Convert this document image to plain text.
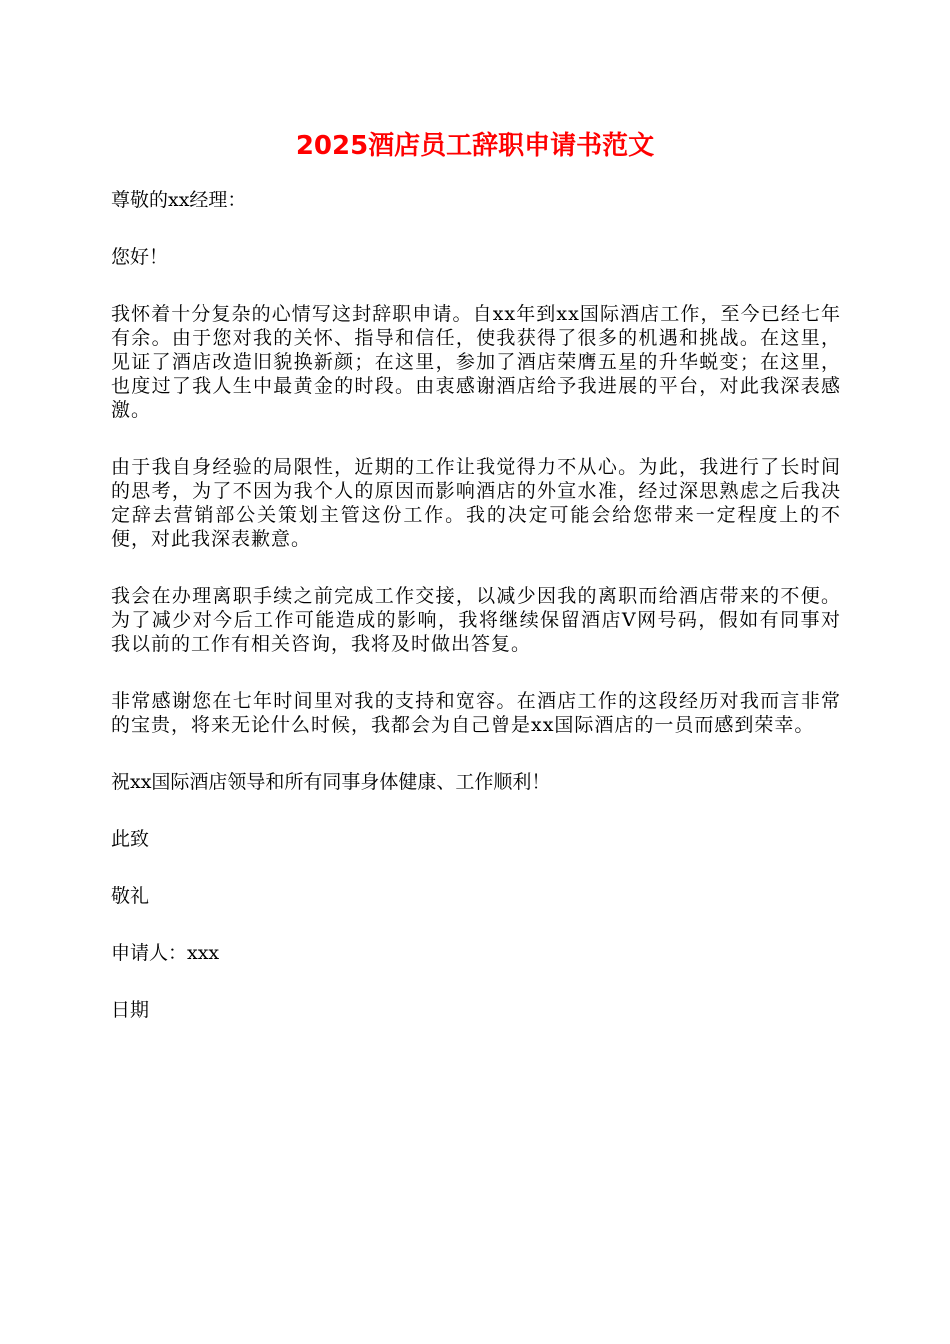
2025酒店员工辞职申请书范文

尊敬的xx经理：

您好！

我怀着十分复杂的心情写这封辞职申请。自xx年到xx国际酒店工作，至今已经七年有余。由于您对我的关怀、指导和信任，使我获得了很多的机遇和挑战。在这里，见证了酒店改造旧貌换新颜；在这里，参加了酒店荣膺五星的升华蜕变；在这里，也度过了我人生中最黄金的时段。由衷感谢酒店给予我进展的平台，对此我深表感激。

由于我自身经验的局限性，近期的工作让我觉得力不从心。为此，我进行了长时间的思考，为了不因为我个人的原因而影响酒店的外宣水准，经过深思熟虑之后我决定辞去营销部公关策划主管这份工作。我的决定可能会给您带来一定程度上的不便，对此我深表歉意。

我会在办理离职手续之前完成工作交接，以减少因我的离职而给酒店带来的不便。为了减少对今后工作可能造成的影响，我将继续保留酒店V网号码，假如有同事对我以前的工作有相关咨询，我将及时做出答复。

非常感谢您在七年时间里对我的支持和宽容。在酒店工作的这段经历对我而言非常的宝贵，将来无论什么时候，我都会为自己曾是xx国际酒店的一员而感到荣幸。

祝xx国际酒店领导和所有同事身体健康、工作顺利！

此致

敬礼

申请人：xxx

日期
